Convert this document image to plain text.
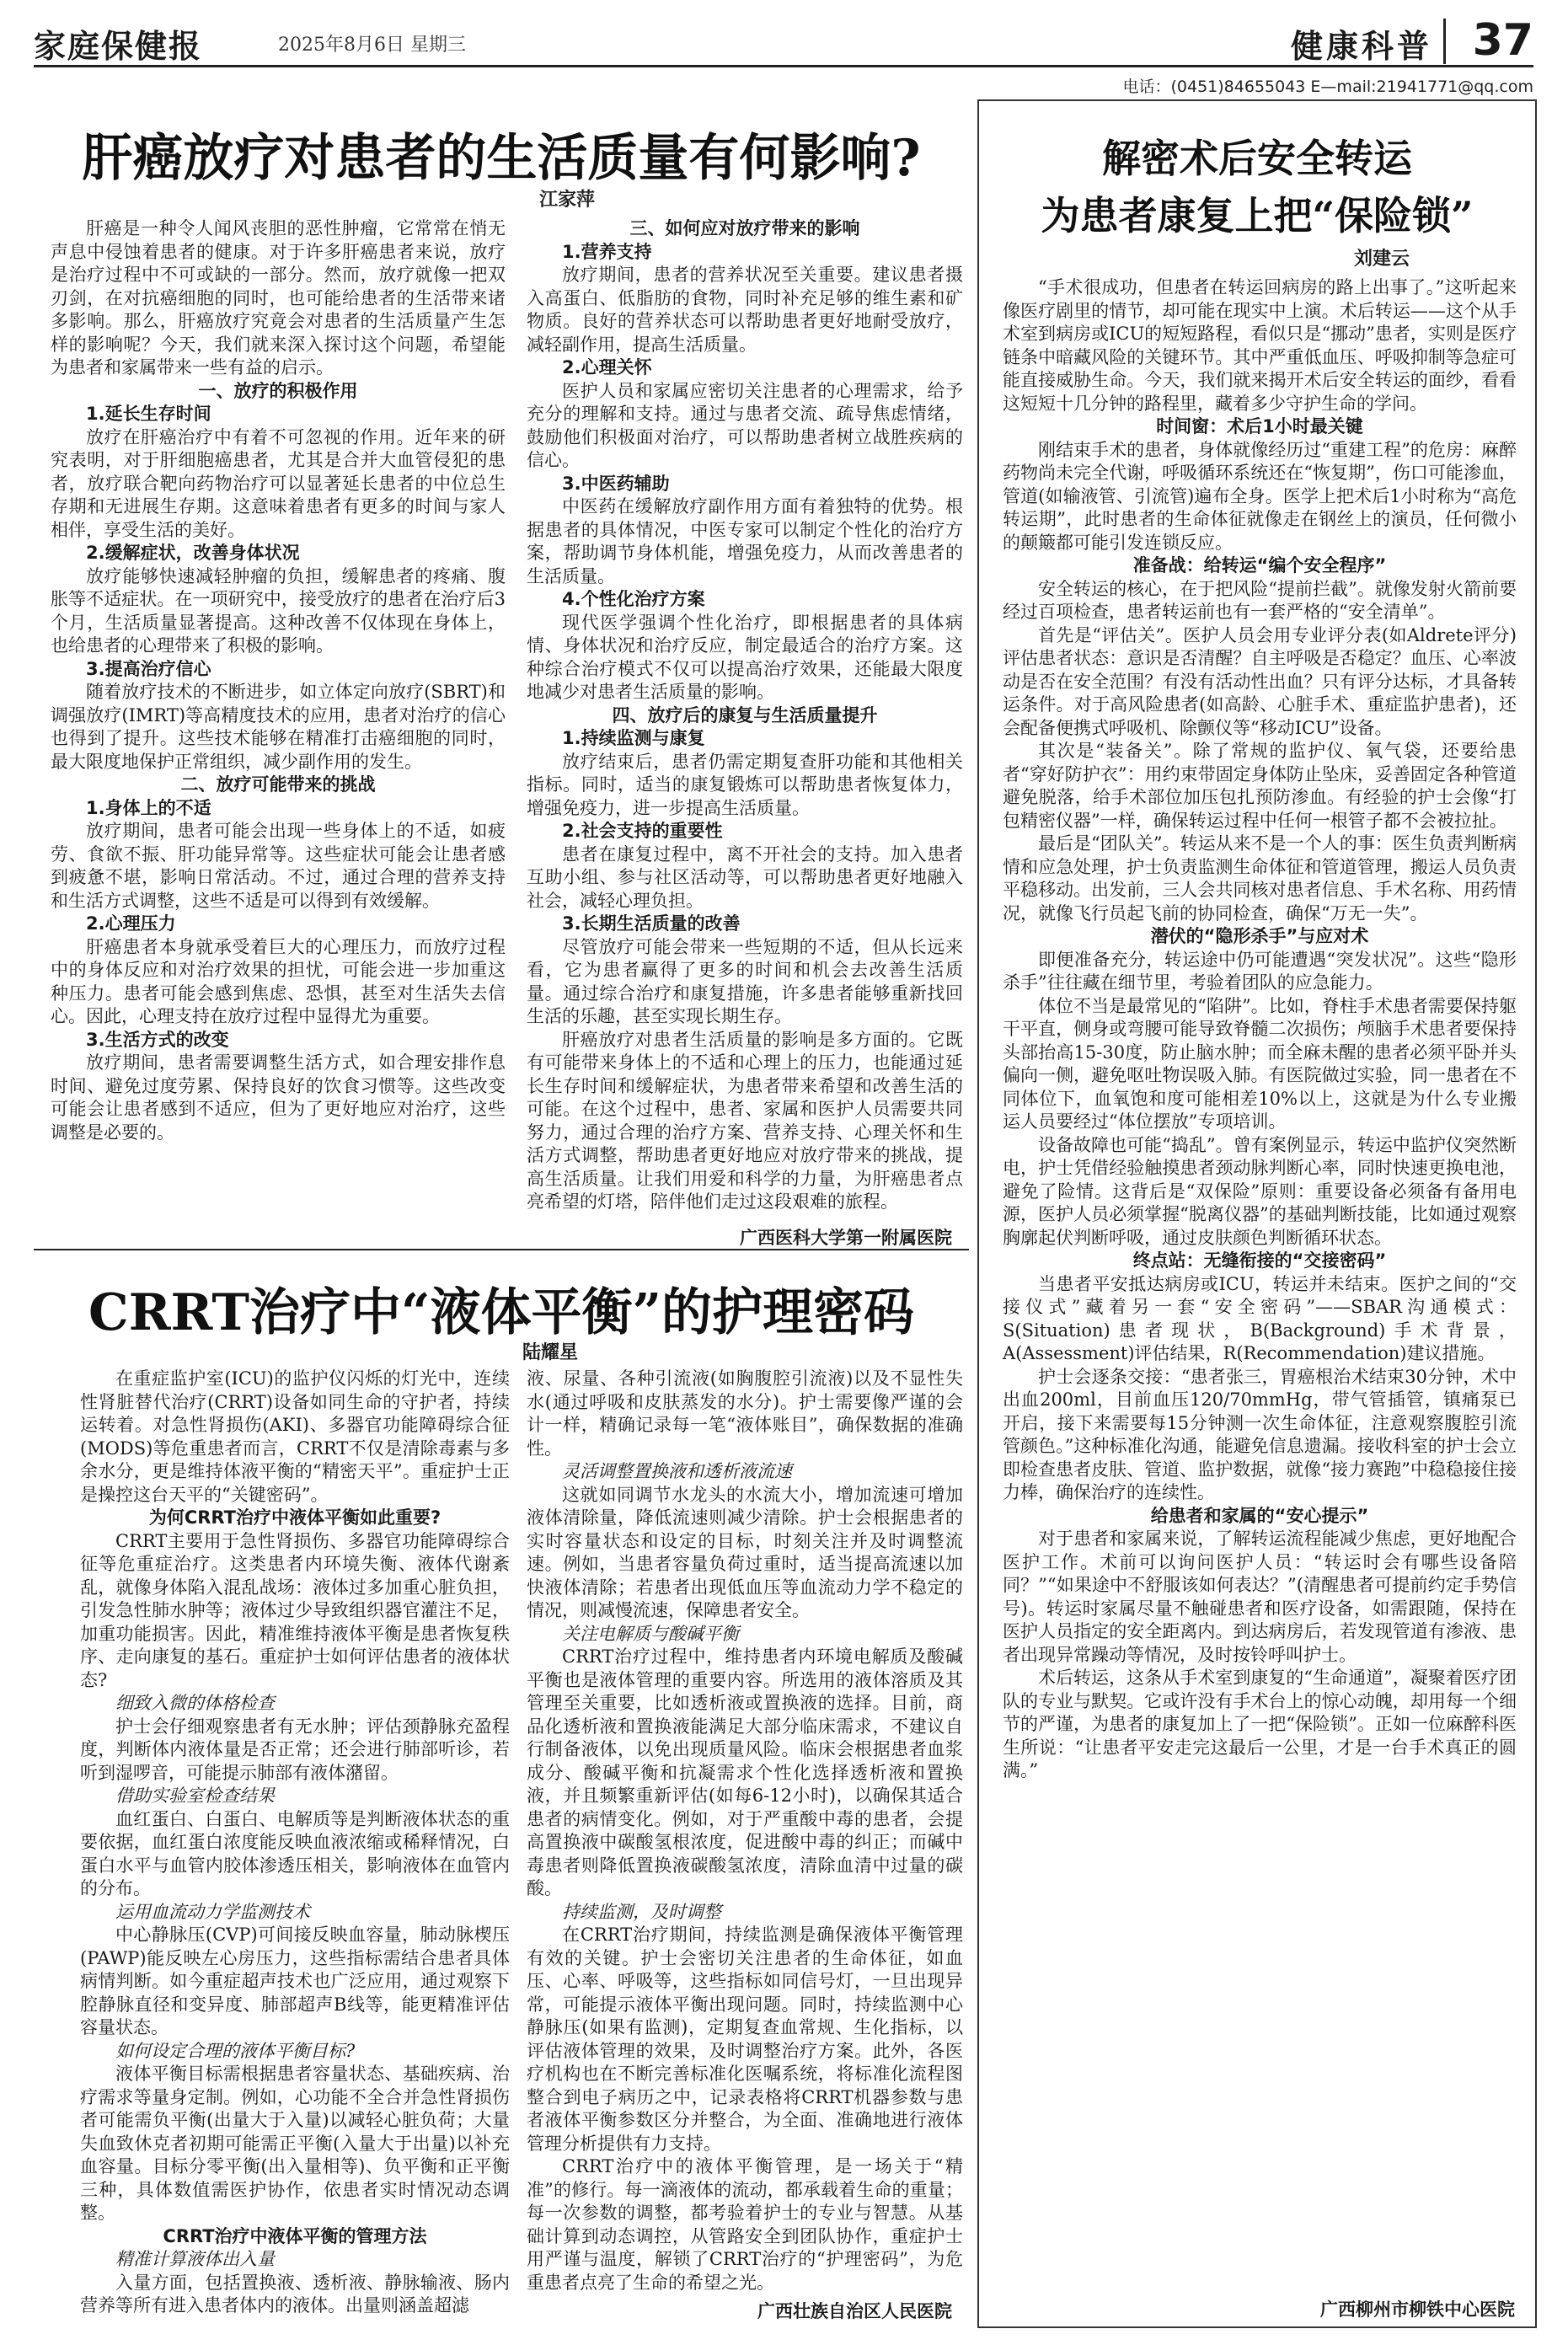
家庭保健报	2025年8月6日 星期三	健康科普 37
电话：(0451)84655043 E—mail:21941771@qq.com
肝癌放疗对患者的生活质量有何影响?
江家萍

肝癌是一种令人闻风丧胆的恶性肿瘤，它常常在悄无声息中侵蚀着患者的健康。对于许多肝癌患者来说，放疗是治疗过程中不可或缺的一部分。然而，放疗就像一把双刃剑，在对抗癌细胞的同时，也可能给患者的生活带来诸多影响。那么，肝癌放疗究竟会对患者的生活质量产生怎样的影响呢？今天，我们就来深入探讨这个问题，希望能为患者和家属带来一些有益的启示。

一、放疗的积极作用
1.延长生存时间

放疗在肝癌治疗中有着不可忽视的作用。近年来的研究表明，对于肝细胞癌患者，尤其是合并大血管侵犯的患者，放疗联合靶向药物治疗可以显著延长患者的中位总生存期和无进展生存期。这意味着患者有更多的时间与家人相伴，享受生活的美好。

2.缓解症状，改善身体状况

放疗能够快速减轻肿瘤的负担，缓解患者的疼痛、腹胀等不适症状。在一项研究中，接受放疗的患者在治疗后3个月，生活质量显著提高。这种改善不仅体现在身体上，也给患者的心理带来了积极的影响。

3.提高治疗信心

随着放疗技术的不断进步，如立体定向放疗(SBRT)和调强放疗(IMRT)等高精度技术的应用，患者对治疗的信心也得到了提升。这些技术能够在精准打击癌细胞的同时，最大限度地保护正常组织，减少副作用的发生。

二、放疗可能带来的挑战
1.身体上的不适

放疗期间，患者可能会出现一些身体上的不适，如疲劳、食欲不振、肝功能异常等。这些症状可能会让患者感到疲惫不堪，影响日常活动。不过，通过合理的营养支持和生活方式调整，这些不适是可以得到有效缓解。

2.心理压力

肝癌患者本身就承受着巨大的心理压力，而放疗过程中的身体反应和对治疗效果的担忧，可能会进一步加重这种压力。患者可能会感到焦虑、恐惧，甚至对生活失去信心。因此，心理支持在放疗过程中显得尤为重要。

3.生活方式的改变

放疗期间，患者需要调整生活方式，如合理安排作息时间、避免过度劳累、保持良好的饮食习惯等。这些改变可能会让患者感到不适应，但为了更好地应对治疗，这些调整是必要的。

三、如何应对放疗带来的影响
1.营养支持

放疗期间，患者的营养状况至关重要。建议患者摄入高蛋白、低脂肪的食物，同时补充足够的维生素和矿物质。良好的营养状态可以帮助患者更好地耐受放疗，减轻副作用，提高生活质量。

2.心理关怀

医护人员和家属应密切关注患者的心理需求，给予充分的理解和支持。通过与患者交流、疏导焦虑情绪，鼓励他们积极面对治疗，可以帮助患者树立战胜疾病的信心。

3.中医药辅助

中医药在缓解放疗副作用方面有着独特的优势。根据患者的具体情况，中医专家可以制定个性化的治疗方案，帮助调节身体机能，增强免疫力，从而改善患者的生活质量。

4.个性化治疗方案

现代医学强调个性化治疗，即根据患者的具体病情、身体状况和治疗反应，制定最适合的治疗方案。这种综合治疗模式不仅可以提高治疗效果，还能最大限度地减少对患者生活质量的影响。

四、放疗后的康复与生活质量提升
1.持续监测与康复

放疗结束后，患者仍需定期复查肝功能和其他相关指标。同时，适当的康复锻炼可以帮助患者恢复体力，增强免疫力，进一步提高生活质量。

2.社会支持的重要性

患者在康复过程中，离不开社会的支持。加入患者互助小组、参与社区活动等，可以帮助患者更好地融入社会，减轻心理负担。

3.长期生活质量的改善

尽管放疗可能会带来一些短期的不适，但从长远来看，它为患者赢得了更多的时间和机会去改善生活质量。通过综合治疗和康复措施，许多患者能够重新找回生活的乐趣，甚至实现长期生存。

肝癌放疗对患者生活质量的影响是多方面的。它既有可能带来身体上的不适和心理上的压力，也能通过延长生存时间和缓解症状，为患者带来希望和改善生活的可能。在这个过程中，患者、家属和医护人员需要共同努力，通过合理的治疗方案、营养支持、心理关怀和生活方式调整，帮助患者更好地应对放疗带来的挑战，提高生活质量。让我们用爱和科学的力量，为肝癌患者点亮希望的灯塔，陪伴他们走过这段艰难的旅程。

广西医科大学第一附属医院
CRRT治疗中“液体平衡”的护理密码
陆耀星

在重症监护室(ICU)的监护仪闪烁的灯光中，连续性肾脏替代治疗(CRRT)设备如同生命的守护者，持续运转着。对急性肾损伤(AKI)、多器官功能障碍综合征(MODS)等危重患者而言，CRRT不仅是清除毒素与多余水分，更是维持体液平衡的“精密天平”。重症护士正是操控这台天平的“关键密码”。

为何CRRT治疗中液体平衡如此重要?

CRRT主要用于急性肾损伤、多器官功能障碍综合征等危重症治疗。这类患者内环境失衡、液体代谢紊乱，就像身体陷入混乱战场：液体过多加重心脏负担，引发急性肺水肿等；液体过少导致组织器官灌注不足，加重功能损害。因此，精准维持液体平衡是患者恢复秩序、走向康复的基石。重症护士如何评估患者的液体状态?

细致入微的体格检查

护士会仔细观察患者有无水肿；评估颈静脉充盈程度，判断体内液体量是否正常；还会进行肺部听诊，若听到湿啰音，可能提示肺部有液体潴留。

借助实验室检查结果

血红蛋白、白蛋白、电解质等是判断液体状态的重要依据，血红蛋白浓度能反映血液浓缩或稀释情况，白蛋白水平与血管内胶体渗透压相关，影响液体在血管内的分布。

运用血流动力学监测技术

中心静脉压(CVP)可间接反映血容量，肺动脉楔压(PAWP)能反映左心房压力，这些指标需结合患者具体病情判断。如今重症超声技术也广泛应用，通过观察下腔静脉直径和变异度、肺部超声B线等，能更精准评估容量状态。

如何设定合理的液体平衡目标?

液体平衡目标需根据患者容量状态、基础疾病、治疗需求等量身定制。例如，心功能不全合并急性肾损伤者可能需负平衡(出量大于入量)以减轻心脏负荷；大量失血致休克者初期可能需正平衡(入量大于出量)以补充血容量。目标分零平衡(出入量相等)、负平衡和正平衡三种，具体数值需医护协作，依患者实时情况动态调整。

CRRT治疗中液体平衡的管理方法
精准计算液体出入量

入量方面，包括置换液、透析液、静脉输液、肠内营养等所有进入患者体内的液体。出量则涵盖超滤

液、尿量、各种引流液(如胸腹腔引流液)以及不显性失水(通过呼吸和皮肤蒸发的水分)。护士需要像严谨的会计一样，精确记录每一笔“液体账目”，确保数据的准确性。

灵活调整置换液和透析液流速

这就如同调节水龙头的水流大小，增加流速可增加液体清除量，降低流速则减少清除。护士会根据患者的实时容量状态和设定的目标，时刻关注并及时调整流速。例如，当患者容量负荷过重时，适当提高流速以加快液体清除；若患者出现低血压等血流动力学不稳定的情况，则减慢流速，保障患者安全。

关注电解质与酸碱平衡

CRRT治疗过程中，维持患者内环境电解质及酸碱平衡也是液体管理的重要内容。所选用的液体溶质及其管理至关重要，比如透析液或置换液的选择。目前，商品化透析液和置换液能满足大部分临床需求，不建议自行制备液体，以免出现质量风险。临床会根据患者血浆成分、酸碱平衡和抗凝需求个性化选择透析液和置换液，并且频繁重新评估(如每6-12小时)，以确保其适合患者的病情变化。例如，对于严重酸中毒的患者，会提高置换液中碳酸氢根浓度，促进酸中毒的纠正；而碱中毒患者则降低置换液碳酸氢浓度，清除血清中过量的碳酸。

持续监测，及时调整

在CRRT治疗期间，持续监测是确保液体平衡管理有效的关键。护士会密切关注患者的生命体征，如血压、心率、呼吸等，这些指标如同信号灯，一旦出现异常，可能提示液体平衡出现问题。同时，持续监测中心静脉压(如果有监测)，定期复查血常规、生化指标，以评估液体管理的效果，及时调整治疗方案。此外，各医疗机构也在不断完善标准化医嘱系统，将标准化流程图整合到电子病历之中，记录表格将CRRT机器参数与患者液体平衡参数区分并整合，为全面、准确地进行液体管理分析提供有力支持。

CRRT治疗中的液体平衡管理，是一场关于“精准”的修行。每一滴液体的流动，都承载着生命的重量；每一次参数的调整，都考验着护士的专业与智慧。从基础计算到动态调控，从管路安全到团队协作，重症护士用严谨与温度，解锁了CRRT治疗的“护理密码”，为危重患者点亮了生命的希望之光。

广西壮族自治区人民医院
解密术后安全转运
为患者康复上把“保险锁”
刘建云

“手术很成功，但患者在转运回病房的路上出事了。”这听起来像医疗剧里的情节，却可能在现实中上演。术后转运——这个从手术室到病房或ICU的短短路程，看似只是“挪动”患者，实则是医疗链条中暗藏风险的关键环节。其中严重低血压、呼吸抑制等急症可能直接威胁生命。今天，我们就来揭开术后安全转运的面纱，看看这短短十几分钟的路程里，藏着多少守护生命的学问。

时间窗：术后1小时最关键

刚结束手术的患者，身体就像经历过“重建工程”的危房：麻醉药物尚未完全代谢，呼吸循环系统还在“恢复期”，伤口可能渗血，管道(如输液管、引流管)遍布全身。医学上把术后1小时称为“高危转运期”，此时患者的生命体征就像走在钢丝上的演员，任何微小的颠簸都可能引发连锁反应。

准备战：给转运“编个安全程序”

安全转运的核心，在于把风险“提前拦截”。就像发射火箭前要经过百项检查，患者转运前也有一套严格的“安全清单”。

首先是“评估关”。医护人员会用专业评分表(如Aldrete评分)评估患者状态：意识是否清醒？自主呼吸是否稳定？血压、心率波动是否在安全范围？有没有活动性出血？只有评分达标，才具备转运条件。对于高风险患者(如高龄、心脏手术、重症监护患者)，还会配备便携式呼吸机、除颤仪等“移动ICU”设备。

其次是“装备关”。除了常规的监护仪、氧气袋，还要给患者“穿好防护衣”：用约束带固定身体防止坠床，妥善固定各种管道避免脱落，给手术部位加压包扎预防渗血。有经验的护士会像“打包精密仪器”一样，确保转运过程中任何一根管子都不会被拉扯。

最后是“团队关”。转运从来不是一个人的事：医生负责判断病情和应急处理，护士负责监测生命体征和管道管理，搬运人员负责平稳移动。出发前，三人会共同核对患者信息、手术名称、用药情况，就像飞行员起飞前的协同检查，确保“万无一失”。

潜伏的“隐形杀手”与应对术

即便准备充分，转运途中仍可能遭遇“突发状况”。这些“隐形杀手”往往藏在细节里，考验着团队的应急能力。

体位不当是最常见的“陷阱”。比如，脊柱手术患者需要保持躯干平直，侧身或弯腰可能导致脊髓二次损伤；颅脑手术患者要保持头部抬高15-30度，防止脑水肿；而全麻未醒的患者必须平卧并头偏向一侧，避免呕吐物误吸入肺。有医院做过实验，同一患者在不同体位下，血氧饱和度可能相差10%以上，这就是为什么专业搬运人员要经过“体位摆放”专项培训。

设备故障也可能“捣乱”。曾有案例显示，转运中监护仪突然断电，护士凭借经验触摸患者颈动脉判断心率，同时快速更换电池，避免了险情。这背后是“双保险”原则：重要设备必须备有备用电源，医护人员必须掌握“脱离仪器”的基础判断技能，比如通过观察胸廓起伏判断呼吸，通过皮肤颜色判断循环状态。

终点站：无缝衔接的“交接密码”

当患者平安抵达病房或ICU，转运并未结束。医护之间的“交接仪式”藏着另一套“安全密码”——SBAR沟通模式：S(Situation)患者现状，B(Background)手术背景，A(Assessment)评估结果，R(Recommendation)建议措施。

护士会逐条交接：“患者张三，胃癌根治术结束30分钟，术中出血200ml，目前血压120/70mmHg，带气管插管，镇痛泵已开启，接下来需要每15分钟测一次生命体征，注意观察腹腔引流管颜色。”这种标准化沟通，能避免信息遗漏。接收科室的护士会立即检查患者皮肤、管道、监护数据，就像“接力赛跑”中稳稳接住接力棒，确保治疗的连续性。

给患者和家属的“安心提示”

对于患者和家属来说，了解转运流程能减少焦虑，更好地配合医护工作。术前可以询问医护人员：“转运时会有哪些设备陪同？”“如果途中不舒服该如何表达？”(清醒患者可提前约定手势信号)。转运时家属尽量不触碰患者和医疗设备，如需跟随，保持在医护人员指定的安全距离内。到达病房后，若发现管道有渗液、患者出现异常躁动等情况，及时按铃呼叫护士。

术后转运，这条从手术室到康复的“生命通道”，凝聚着医疗团队的专业与默契。它或许没有手术台上的惊心动魄，却用每一个细节的严谨，为患者的康复加上了一把“保险锁”。正如一位麻醉科医生所说：“让患者平安走完这最后一公里，才是一台手术真正的圆满。”

广西柳州市柳铁中心医院
